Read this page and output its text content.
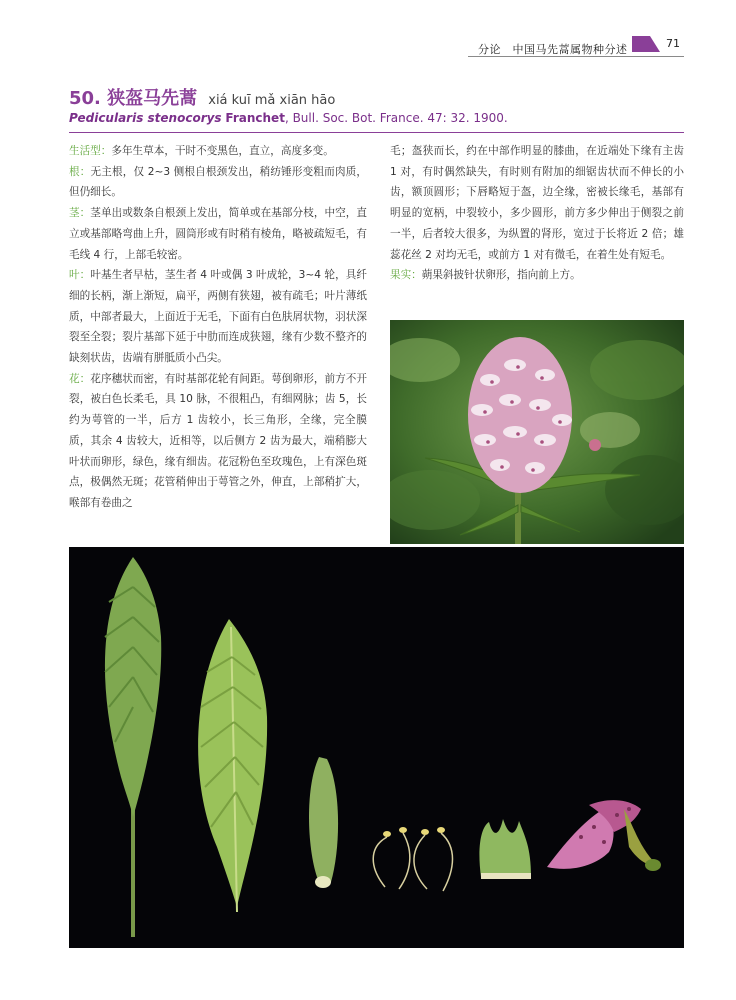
分论　中国马先蒿属物种分述	71
50. 狭盔马先蒿 xiá kuī mǎ xiān hāo
Pedicularis stenocorys Franchet, Bull. Soc. Bot. France. 47: 32. 1900.

生活型：多年生草本，干时不变黑色，直立，高度多变。

根：无主根，仅 2~3 侧根自根颈发出，稍纺锤形变粗而肉质，但仍细长。

茎：茎单出或数条自根颈上发出，简单或在基部分枝，中空，直立或基部略弯曲上升，圆筒形或有时稍有棱角，略被疏短毛，有毛线 4 行，上部毛较密。

叶：叶基生者早枯，茎生者 4 叶或偶 3 叶成轮，3~4 轮，具纤细的长柄，渐上渐短，扁平，两侧有狭翅，被有疏毛；叶片薄纸质，中部者最大，上面近于无毛，下面有白色肤屑状物，羽状深裂至全裂；裂片基部下延于中肋而连成狭翅，缘有少数不整齐的缺刻状齿，齿端有胼胝质小凸尖。

花：花序穗状而密，有时基部花轮有间距。萼倒卵形，前方不开裂，被白色长柔毛，具 10 脉，不很粗凸，有细网脉；齿 5，长约为萼管的一半，后方 1 齿较小，长三角形，全缘，完全膜质，其余 4 齿较大，近相等，以后侧方 2 齿为最大，端稍膨大叶状而卵形，绿色，缘有细齿。花冠粉色至玫瑰色，上有深色斑点，极偶然无斑；花管稍伸出于萼管之外，伸直，上部稍扩大，喉部有卷曲之

毛；盔狭而长，约在中部作明显的膝曲，在近端处下缘有主齿 1 对，有时偶然缺失，有时则有附加的细锯齿状而不伸长的小齿，额顶圆形；下唇略短于盔，边全缘，密被长缘毛，基部有明显的宽柄，中裂较小，多少圆形，前方多少伸出于侧裂之前一半，后者较大很多，为纵置的肾形，宽过于长将近 2 倍；雄蕊花丝 2 对均无毛，或前方 1 对有微毛，在着生处有短毛。

果实：蒴果斜披针状卵形，指向前上方。
